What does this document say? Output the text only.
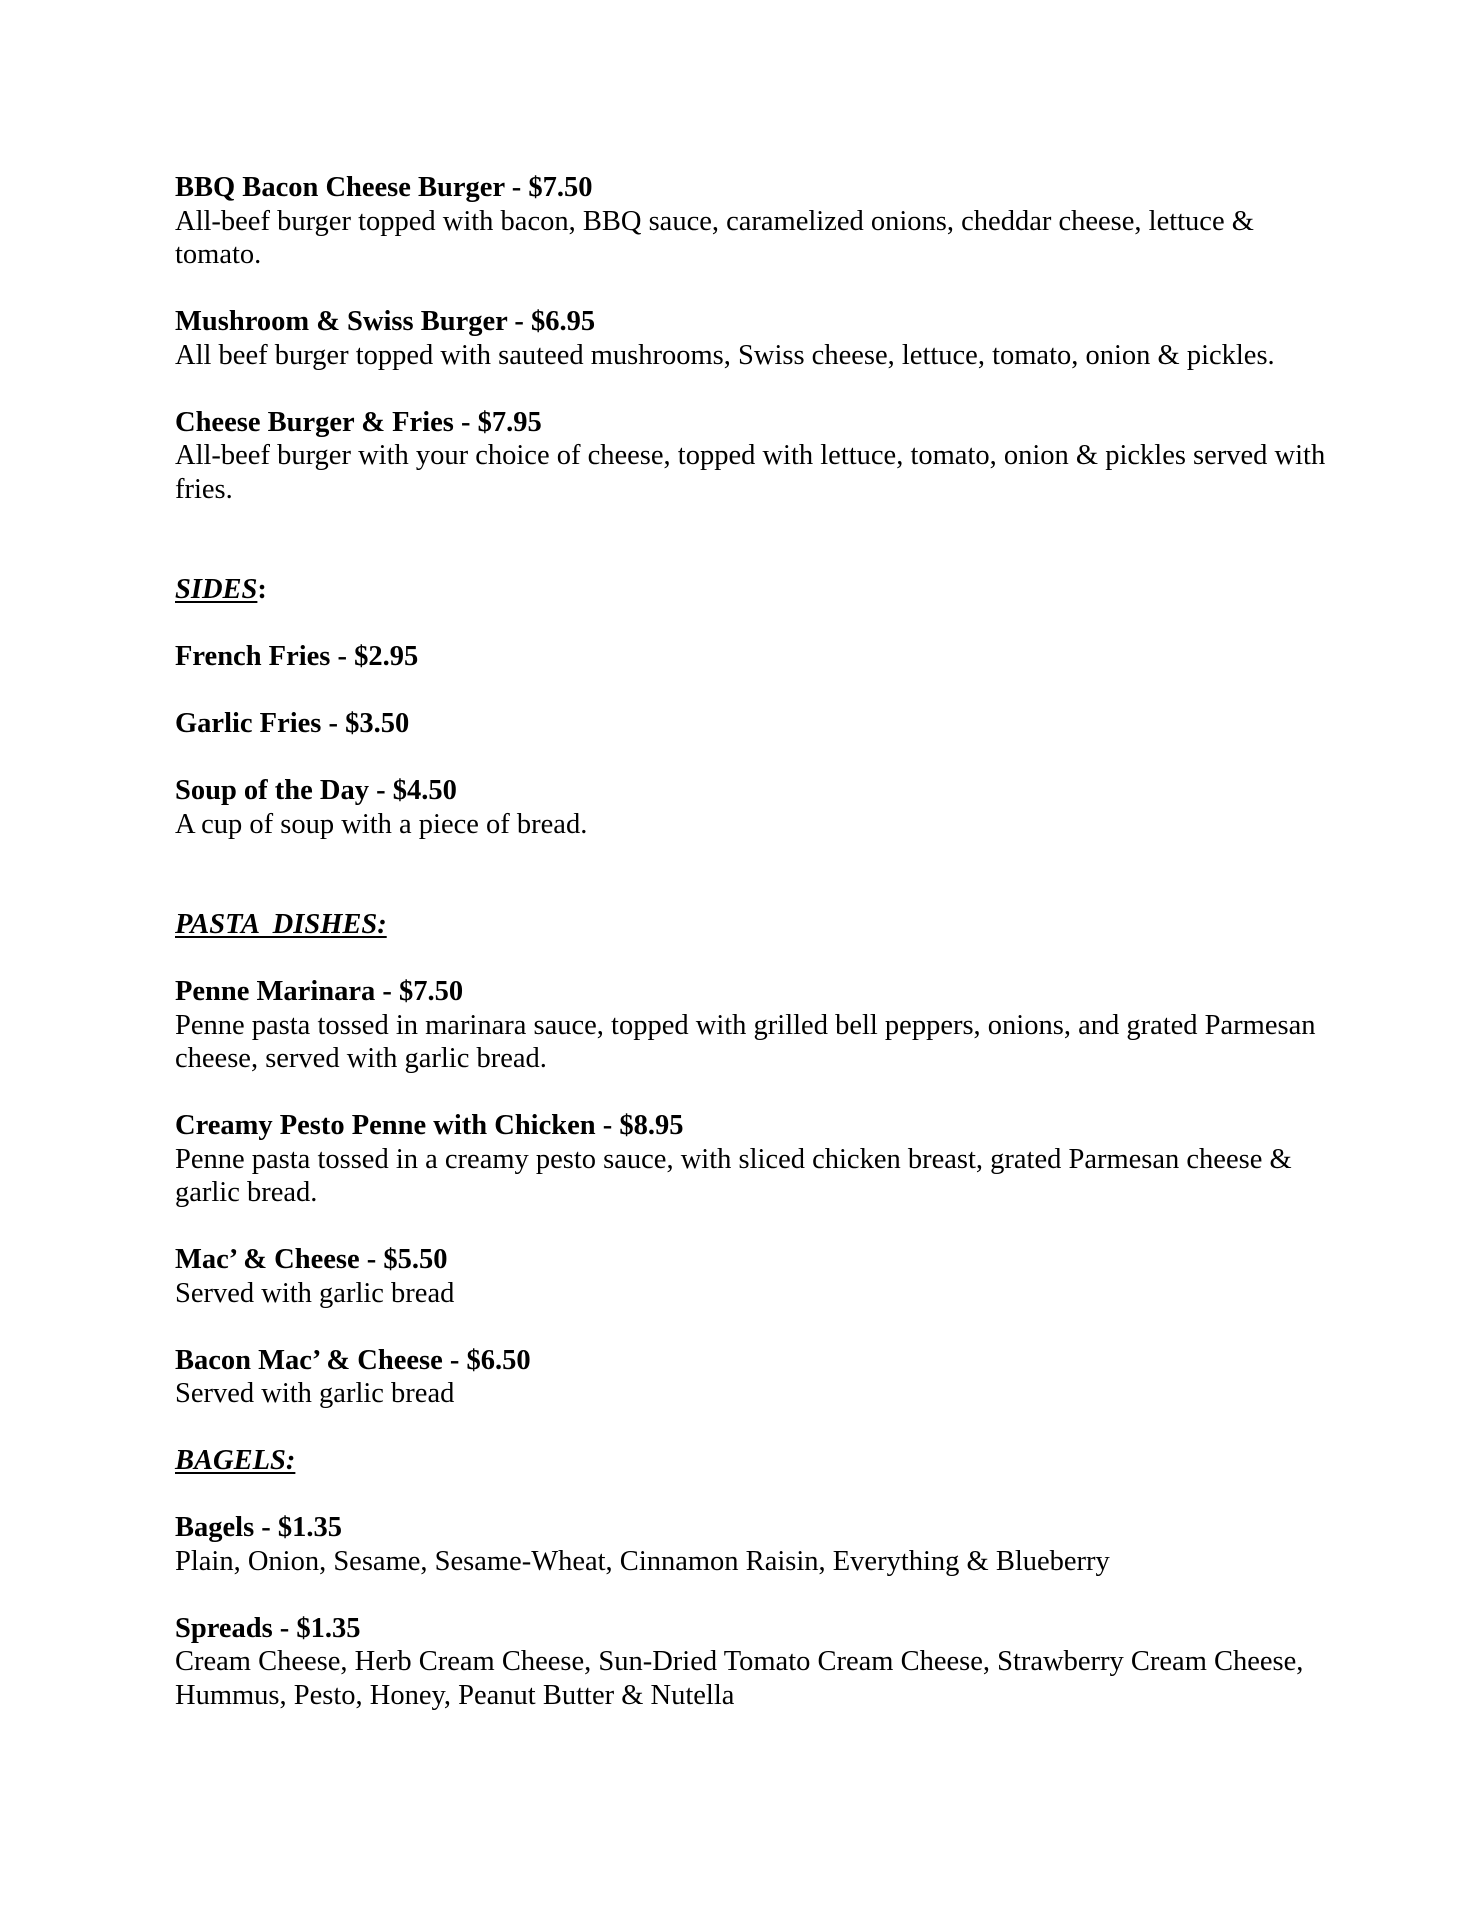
BBQ Bacon Cheese Burger - $7.50
All-beef burger topped with bacon, BBQ sauce, caramelized onions, cheddar cheese, lettuce & tomato.
Mushroom & Swiss Burger - $6.95
All beef burger topped with sauteed mushrooms, Swiss cheese, lettuce, tomato, onion & pickles.
Cheese Burger & Fries - $7.95
All-beef burger with your choice of cheese, topped with lettuce, tomato, onion & pickles served with fries.
SIDES:
French Fries - $2.95
Garlic Fries - $3.50
Soup of the Day - $4.50
A cup of soup with a piece of bread.
PASTA  DISHES:
Penne Marinara - $7.50
Penne pasta tossed in marinara sauce, topped with grilled bell peppers, onions, and grated Parmesan cheese, served with garlic bread.
Creamy Pesto Penne with Chicken - $8.95
Penne pasta tossed in a creamy pesto sauce, with sliced chicken breast, grated Parmesan cheese & garlic bread.
Mac’ & Cheese - $5.50
Served with garlic bread
Bacon Mac’ & Cheese - $6.50
Served with garlic bread
BAGELS:
Bagels - $1.35
Plain, Onion, Sesame, Sesame-Wheat, Cinnamon Raisin, Everything & Blueberry
Spreads - $1.35
Cream Cheese, Herb Cream Cheese, Sun-Dried Tomato Cream Cheese, Strawberry Cream Cheese, Hummus, Pesto, Honey, Peanut Butter & Nutella
